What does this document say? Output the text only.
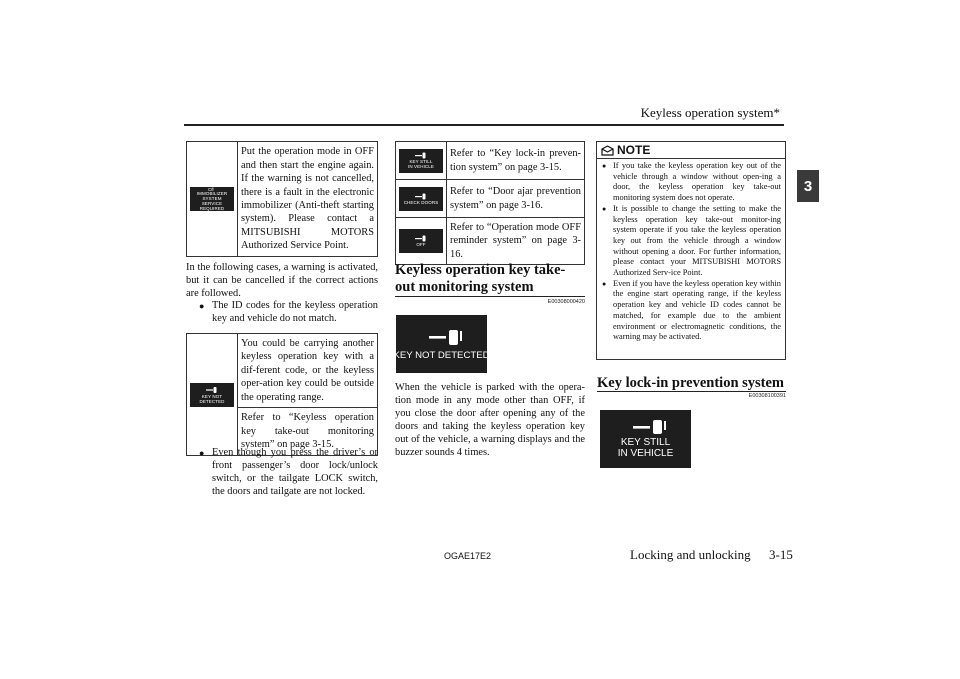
Keyless operation system*
3
IMMOBILIZER SYSTEM
SERVICE REQUIRED
	Put the operation mode in OFF and then start the engine again. If the warning is not cancelled, there is a fault in the electronic immobilizer (Anti-theft starting system). Please contact a MITSUBISHI MOTORS Authorized Service Point.
In the following cases, a warning is activated, but it can be cancelled if the correct actions are followed.
● The ID codes for the keyless operation key and vehicle do not match.
KEY NOT DETECTED
	You could be carrying another keyless operation key with a dif-ferent code, or the keyless oper-ation key could be outside the operating range.
Refer to “Keyless operation key take-out monitoring system” on page 3-15.
● Even though you press the driver’s or front passenger’s door lock/unlock switch, or the tailgate LOCK switch, the doors and tailgate are not locked.
KEY STILL
IN VEHICLE	Refer to “Key lock-in preven-tion system” on page 3-15.

CHECK DOORS	Refer to “Door ajar prevention system” on page 3-16.

OFF	Refer to “Operation mode OFF reminder system” on page 3-16.
Keyless operation key take-out monitoring system
E00308000420
KEY NOT DETECTED
When the vehicle is parked with the opera-tion mode in any mode other than OFF, if you close the door after opening any of the doors and taking the keyless operation key out of the vehicle, a warning displays and the buzzer sounds 4 times.
NOTE
● If you take the keyless operation key out of the vehicle through a window without open-ing a door, the keyless operation key take-out monitoring system does not operate.
● It is possible to change the setting to make the keyless operation key take-out monitor-ing system operate if you take the keyless operation key out from the vehicle through a window without opening a door. For further information, please contact your MITSUBISHI MOTORS Authorized Serv-ice Point.
● Even if you have the keyless operation key within the engine start operating range, if the keyless operation key and vehicle ID codes cannot be matched, for example due to the ambient environment or electromagnetic conditions, the warning may be activated.
Key lock-in prevention system
E00308100391
KEY STILL
IN VEHICLE
OGAE17E2	Locking and unlocking 3-15
